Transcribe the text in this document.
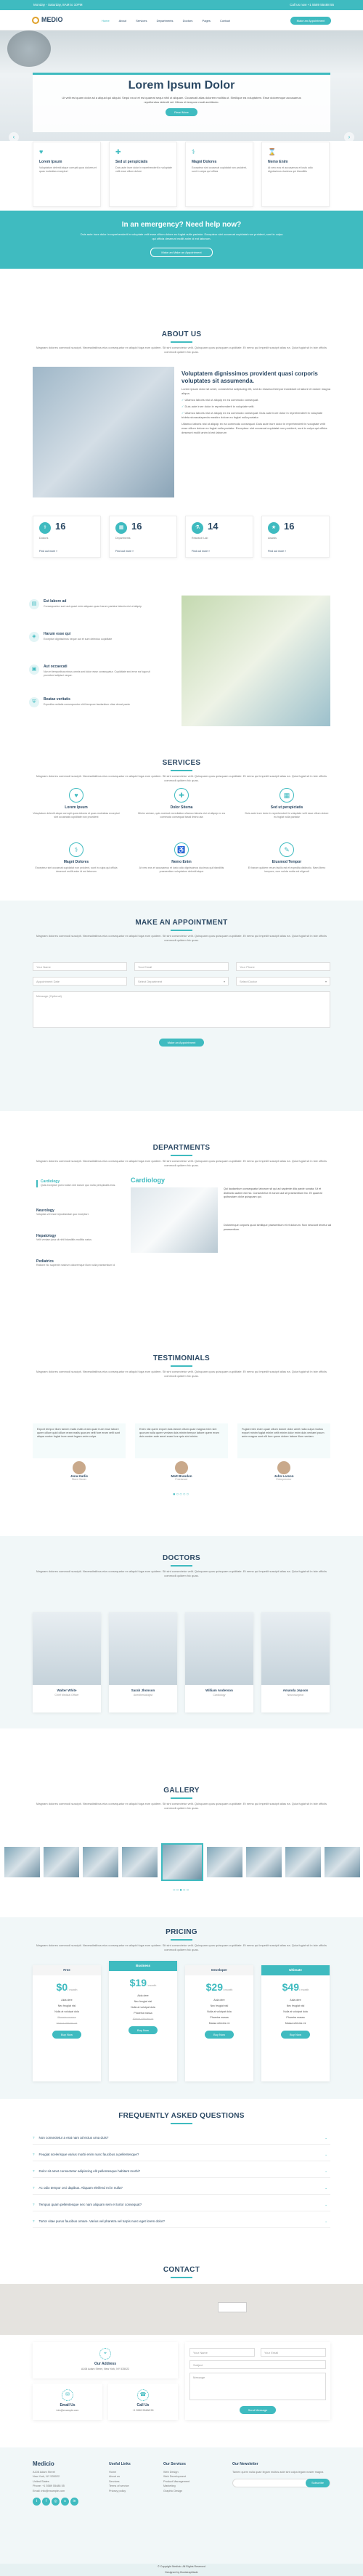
Monday - Saturday, 8AM to 10PM	Call us now +1 5589 55488 55
MEDIO	Home	About	Services	Departments	Doctors	Pages	Contact	Make an Appointment
‹	›
Lorem Ipsum Dolor

Ut velit est quam dolor ad a aliquid qui aliquid. Sequi ea ut et est quaerat sequi nihil ut aliquam. Occaecati alias dolorem mollitia ut. Similique ea voluptatem. Esse doloremque accusamus repellendus deleniti vel. Minus et tempore modi architecto.

Read More
♥
Lorem Ipsum
Voluptatum deleniti atque corrupti quos dolores et quas molestias excepturi
✚
Sed ut perspiciatis
Duis aute irure dolor in reprehenderit in voluptate velit esse cillum dolore
⚕
Magni Dolores
Excepteur sint occaecat cupidatat non proident, sunt in culpa qui officia
⌛
Nemo Enim
At vero eos et accusamus et iusto odio dignissimos ducimus qui blanditiis
In an emergency? Need help now?

Duis aute irure dolor in reprehenderit in voluptate velit esse cillum dolore eu fugiat nulla pariatur. Excepteur sint occaecat cupidatat non proident, sunt in culpa qui officia deserunt mollit anim id est laborum.

Make an Make an Appointment
ABOUT US

Magnam dolores commodi suscipit. Necessitatibus eius consequatur ex aliquid fuga eum quidem. Sit sint consectetur velit. Quisquam quos quisquam cupiditate. Et nemo qui impedit suscipit alias ea. Quia fugiat sit in iste officiis commodi quidem hic quas.

Voluptatem dignissimos provident quasi corporis voluptates sit assumenda.

Lorem ipsum dolor sit amet, consectetur adipiscing elit, sed do eiusmod tempor incididunt ut labore et dolore magna aliqua.

✓ Ullamco laboris nisi ut aliquip ex ea commodo consequat.

✓ Duis aute irure dolor in reprehenderit in voluptate velit.

✓ Ullamco laboris nisi ut aliquip ex ea commodo consequat. Duis aute irure dolor in reprehenderit in voluptate trideta storacalaperda mastiro dolore eu fugiat nulla pariatur.

Ullamco laboris nisi ut aliquip ex ea commodo consequat. Duis aute irure dolor in reprehenderit in voluptate velit esse cillum dolore eu fugiat nulla pariatur. Excepteur sint occaecat cupidatat non proident, sunt in culpa qui officia deserunt mollit anim id est laborum

⚕ 16
Doctors
Find out more »
▦ 16
Departments
Find out more »
⚗ 14
Research Lab
Find out more »
★ 16
Awards
Find out more »
▤	Est labore ad
Consequuntur sunt aut quasi enim aliquam quae harum pariatur laboris nisi ut aliquip
◈	Harum esse qui
Excepturi dignissimos neque aut et sunt delectus cupiditate
▣	Aut occaecati
Non et temporibus minus omnis sed dolor esse consequatur. Cupiditate sed error ea fuga sit provident adipisci neque.
⛨	Beatae veritatis
Expedita veritatis consequuntur nihil tempore laudantium vitae denat pacta
SERVICES

Magnam dolores commodi suscipit. Necessitatibus eius consequatur ex aliquid fuga eum quidem. Sit sint consectetur velit. Quisquam quos quisquam cupiditate. Et nemo qui impedit suscipit alias ea. Quia fugiat sit in iste officiis commodi quidem hic quas.

♥
Lorem Ipsum
Voluptatum deleniti atque corrupti quos dolores et quas molestias excepturi sint occaecati cupiditate non provident
✚
Dolor Sitema
Minim veniam, quis nostrud exercitation ullamco laboris nisi ut aliquip ex ea commodo consequat tarad limino ata
▦
Sed ut perspiciatis
Duis aute irure dolor in reprehenderit in voluptate velit esse cillum dolore eu fugiat nulla pariatur
⚕
Magni Dolores
Excepteur sint occaecat cupidatat non proident, sunt in culpa qui officia deserunt mollit anim id est laborum
♿
Nemo Enim
At vero eos et accusamus et iusto odio dignissimos ducimus qui blanditiis praesentium voluptatum deleniti atque
✎
Eiusmod Tempor
Et harum quidem rerum facilis est et expedita distinctio. Nam libero tempore, cum soluta nobis est eligendi
MAKE AN APPOINTMENT

Magnam dolores commodi suscipit. Necessitatibus eius consequatur ex aliquid fuga eum quidem. Sit sint consectetur velit. Quisquam quos quisquam cupiditate. Et nemo qui impedit suscipit alias ea. Quia fugiat sit in iste officiis commodi quidem hic quas.

Your Name	Your Email	Your Phone
Appointment Date	Select Department	▾	Select Doctor	▾
Message (Optional)
Make an Appointment
DEPARTMENTS

Magnam dolores commodi suscipit. Necessitatibus eius consequatur ex aliquid fuga eum quidem. Sit sint consectetur velit. Quisquam quos quisquam cupiditate. Et nemo qui impedit suscipit alias ea. Quia fugiat sit in iste officiis commodi quidem hic quas.

Cardiology
Quis excepturi porro totam sint earum quo nulla perspiciatis eius.
Neurology
Voluptas vel esse repudiandae quo excepturi.
Hepatology
Velit veniam ipsa sit nihil blanditiis mollitia natus.
Pediatrics
Ratione hic sapiente nostrum doloremque illum nulla praesentium id
Cardiology
Qui laudantium consequatur laborum sit qui ad sapiente dila parde sonata. Ut et distinctio autem est hic. Consectetur et earum aut sit praesentium hic. Et quaerat quibusdam dolor quisquam qui.
Doloremque corporis quod similique praesentium et et dolorum. Non nesciunt tenetur ad praesentium.
TESTIMONIALS

Magnam dolores commodi suscipit. Necessitatibus eius consequatur ex aliquid fuga eum quidem. Sit sint consectetur velit. Quisquam quos quisquam cupiditate. Et nemo qui impedit suscipit alias ea. Quia fugiat sit in iste officiis commodi quidem hic quas.

Export tempor illum tamen malis malis eram quae irure esse labore quem cillum quid cillum eram malis quorum velit fore eram velit sunt aliqua noster fugiat irure amet legam anim culpa.
Jena Karlis
Store Owner
Enim nisi quem export duis labore cillum quae magna enim sint quorum nulla quem veniam duis minim tempor labore quem eram duis noster aute amet eram fore quis sint minim.
Matt Brandon
Freelancer
Fugiat enim eram quae cillum dolore dolor amet nulla culpa multos export minim fugiat minim velit minim dolor enim duis veniam ipsum anim magna sunt elit fore quem dolore labore illum veniam.
John Larson
Entrepreneur
●○○○○
DOCTORS

Magnam dolores commodi suscipit. Necessitatibus eius consequatur ex aliquid fuga eum quidem. Sit sint consectetur velit. Quisquam quos quisquam cupiditate. Et nemo qui impedit suscipit alias ea. Quia fugiat sit in iste officiis commodi quidem hic quas.

Walter White
Chief Medical Officer
Sarah Jhonson
Anesthesiologist
William Anderson
Cardiology
Amanda Jepson
Neurosurgeon
GALLERY

Magnam dolores commodi suscipit. Necessitatibus eius consequatur ex aliquid fuga eum quidem. Sit sint consectetur velit. Quisquam quos quisquam cupiditate. Et nemo qui impedit suscipit alias ea. Quia fugiat sit in iste officiis commodi quidem hic quas.

○○●○○
PRICING

Magnam dolores commodi suscipit. Necessitatibus eius consequatur ex aliquid fuga eum quidem. Sit sint consectetur velit. Quisquam quos quisquam cupiditate. Et nemo qui impedit suscipit alias ea. Quia fugiat sit in iste officiis commodi quidem hic quas.

Free
$0/ month
Aida dere
Nec feugiat nisl
Nulla at volutpat dola
Pharetra massa
Massa ultricies mi
Buy Now
Business
$19/ month
Aida dere
Nec feugiat nisl
Nulla at volutpat dola
Pharetra massa
Massa ultricies mi
Buy Now
Developer
$29/ month
Aida dere
Nec feugiat nisl
Nulla at volutpat dola
Pharetra massa
Massa ultricies mi
Buy Now
Ultimate
$49/ month
Aida dere
Nec feugiat nisl
Nulla at volutpat dola
Pharetra massa
Massa ultricies mi
Buy Now
FREQUENTLY ASKED QUESTIONS
? Non consectetur a erat nam at lectus urna duis?	⌄
? Feugiat scelerisque varius morbi enim nunc faucibus a pellentesque?	⌄
? Dolor sit amet consectetur adipiscing elit pellentesque habitant morbi?	⌄
? Ac odio tempor orci dapibus. Aliquam eleifend mi in nulla?	⌄
? Tempus quam pellentesque nec nam aliquam sem et tortor consequat?	⌄
? Tortor vitae purus faucibus ornare. Varius vel pharetra vel turpis nunc eget lorem dolor?	⌄
CONTACT
⌖
Our Address
A108 Adam Street, New York, NY 535022
✉
Email Us
info@example.com
☎
Call Us
+1 5589 55488 55
Your Name	Your Email
Subject
Message
Send Message
Medicio
A108 Adam Street
New York, NY 535022
United States
Phone: +1 5589 55488 55
Email: info@example.com
t f ◎ s in
Useful Links
Home
About us
Services
Terms of service
Privacy policy
Our Services
Web Design
Web Development
Product Management
Marketing
Graphic Design
Our Newsletter
Tamen quem nulla quae legam multos aute sint culpa legam noster magna
Subscribe
© Copyright Medicio. All Rights Reserved
Designed by BootstrapMade
